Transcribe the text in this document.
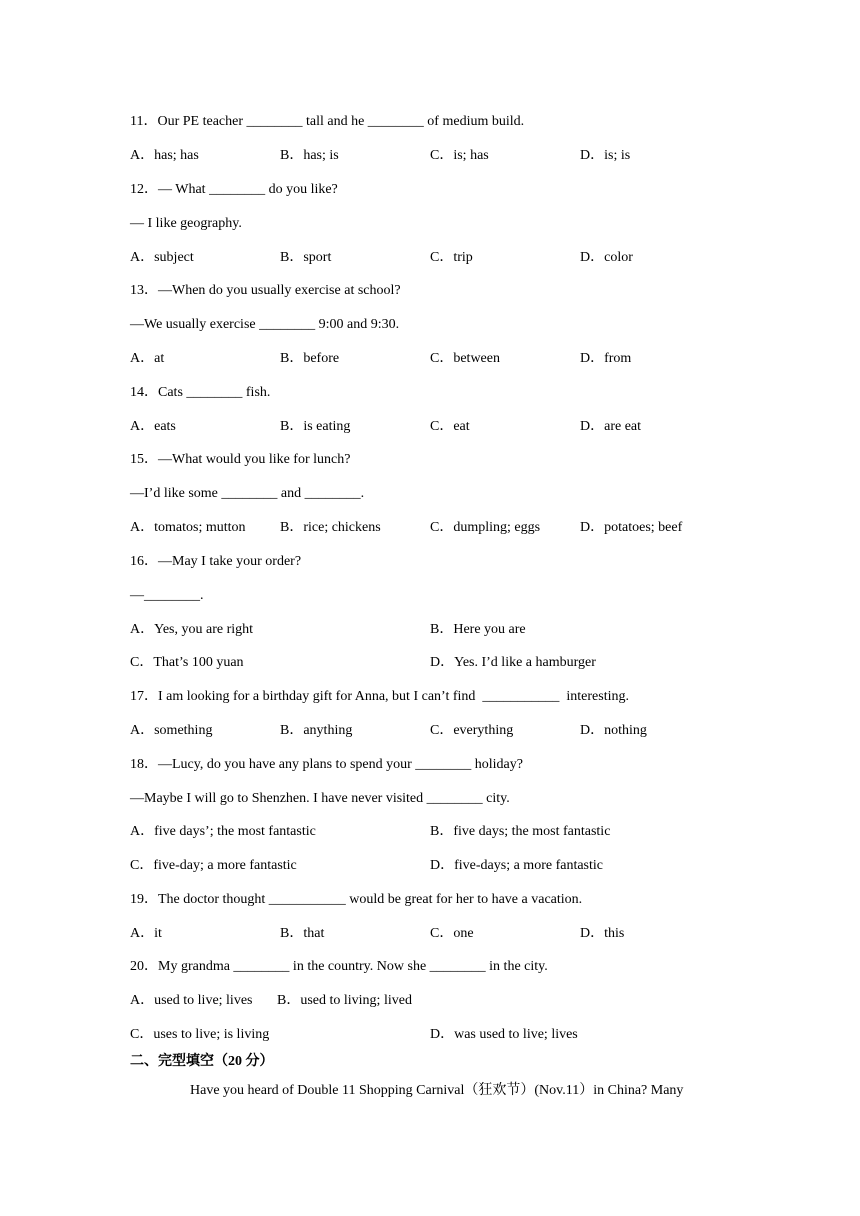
11．Our PE teacher ________ tall and he ________ of medium build.
A．has; has	B．has; is	C．is; has	D．is; is
12．— What ________ do you like?
— I like geography.
A．subject	B．sport	C．trip	D．color
13．—When do you usually exercise at school?
—We usually exercise ________ 9:00 and 9:30.
A．at	B．before	C．between	D．from
14．Cats ________ fish.
A．eats	B．is eating	C．eat	D．are eat
15．—What would you like for lunch?
—I’d like some ________ and ________.
A．tomatos; mutton B．rice; chickens	C．dumpling; eggs	D．potatoes; beef
16．—May I take your order?
—________.
A．Yes, you are right	B．Here you are
C．That’s 100 yuan	D．Yes. I’d like a hamburger
17．I am looking for a birthday gift for Anna, but I can’t find  ___________  interesting.
A．something	B．anything	C．everything	D．nothing
18．—Lucy, do you have any plans to spend your ________ holiday?
—Maybe I will go to Shenzhen. I have never visited ________ city.
A．five days’; the most fantastic	B．five days; the most fantastic
C．five-day; a more fantastic	D．five-days; a more fantastic
19．The doctor thought ___________ would be great for her to have a vacation.
A．it	B．that	C．one	D．this
20．My grandma ________ in the country. Now she ________ in the city.
A．used to live; lives B．used to living; lived
C．uses to live; is living	D．was used to live; lives
二、完型填空（20 分）
Have you heard of Double 11 Shopping Carnival（狂欢节）(Nov.11）in China? Many
